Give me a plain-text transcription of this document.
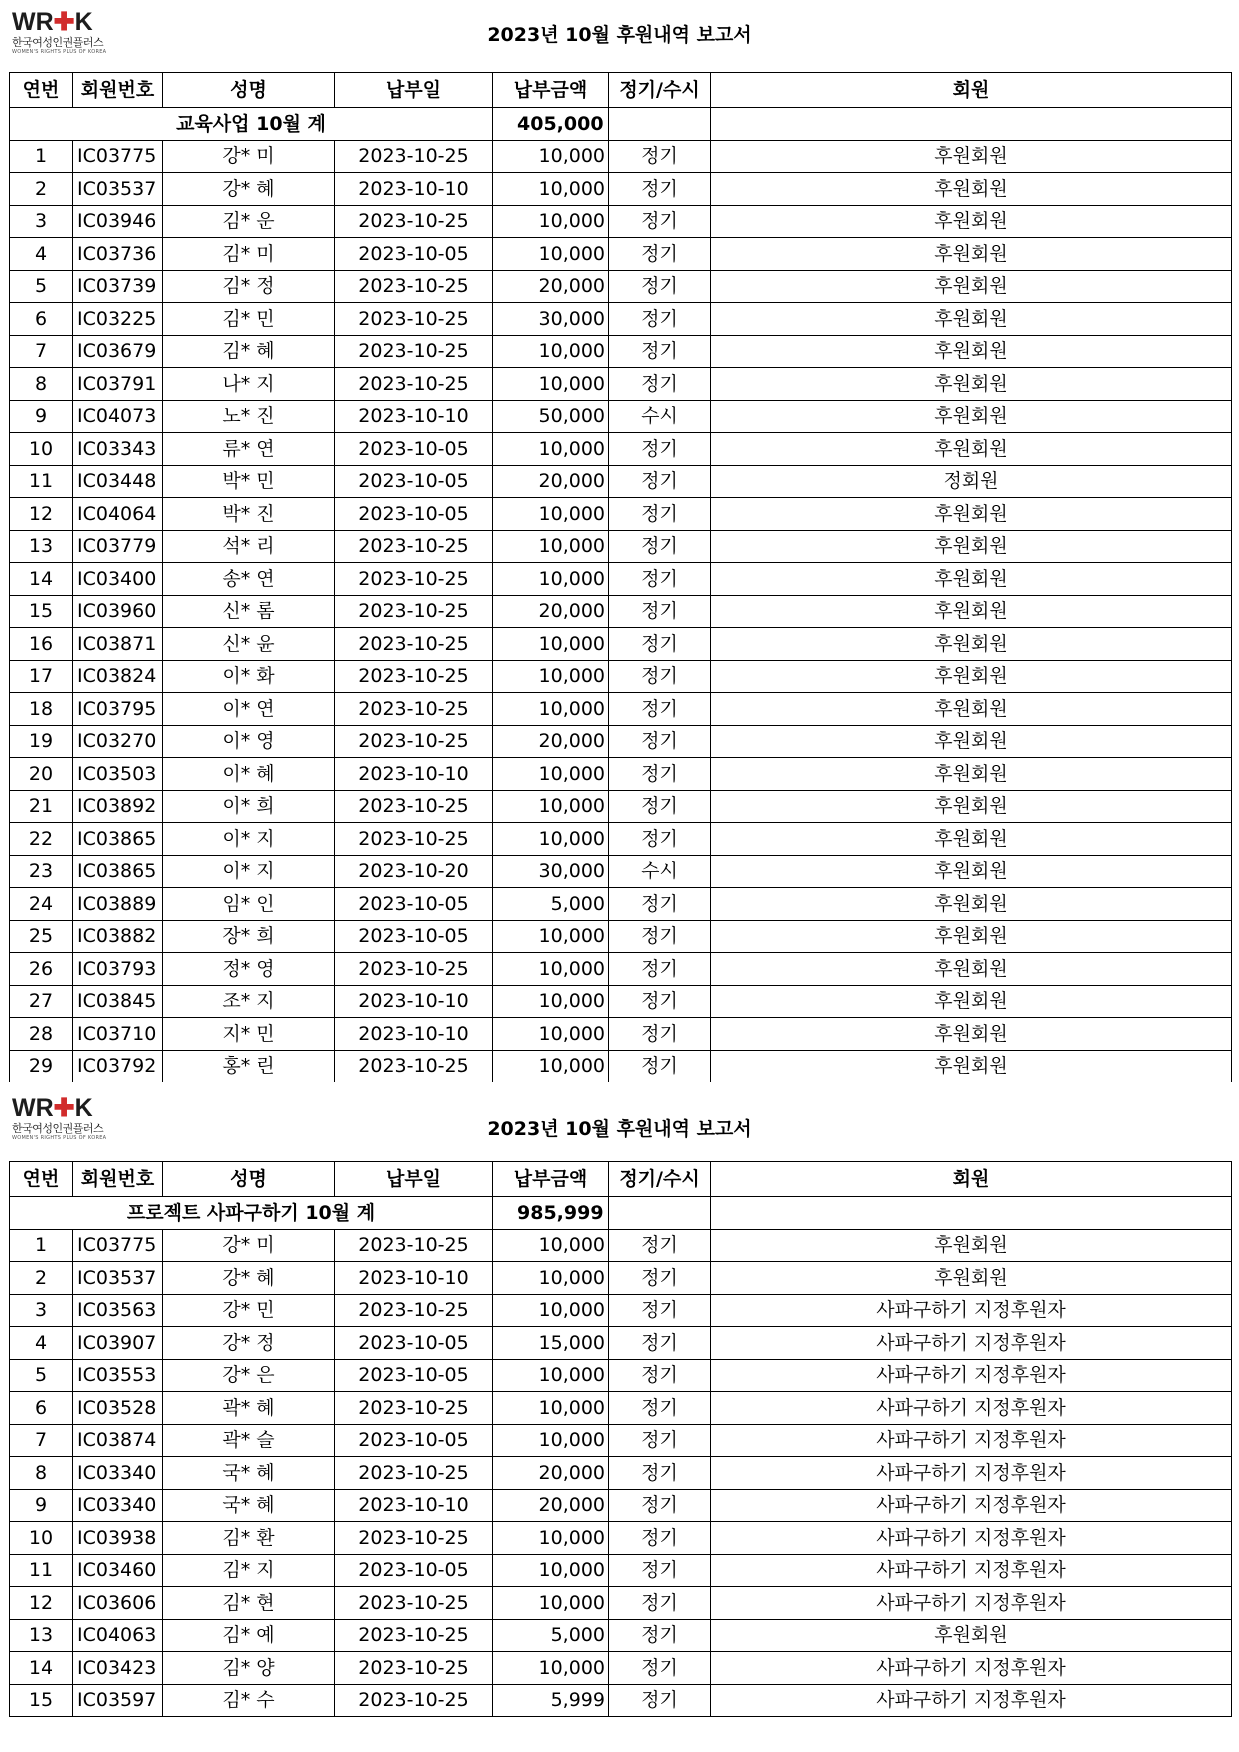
WR✚K
한국여성인권플러스
WOMEN'S RIGHTS PLUS OF KOREA
2023년 10월 후원내역 보고서
연번	회원번호	성명	납부일	납부금액	정기/수시	회원
교육사업 10월 계				405,000		
1	IC03775	강* 미	2023-10-25	10,000	정기	후원회원
2	IC03537	강* 혜	2023-10-10	10,000	정기	후원회원
3	IC03946	김* 운	2023-10-25	10,000	정기	후원회원
4	IC03736	김* 미	2023-10-05	10,000	정기	후원회원
5	IC03739	김* 정	2023-10-25	20,000	정기	후원회원
6	IC03225	김* 민	2023-10-25	30,000	정기	후원회원
7	IC03679	김* 혜	2023-10-25	10,000	정기	후원회원
8	IC03791	나* 지	2023-10-25	10,000	정기	후원회원
9	IC04073	노* 진	2023-10-10	50,000	수시	후원회원
10	IC03343	류* 연	2023-10-05	10,000	정기	후원회원
11	IC03448	박* 민	2023-10-05	20,000	정기	정회원
12	IC04064	박* 진	2023-10-05	10,000	정기	후원회원
13	IC03779	석* 리	2023-10-25	10,000	정기	후원회원
14	IC03400	송* 연	2023-10-25	10,000	정기	후원회원
15	IC03960	신* 롬	2023-10-25	20,000	정기	후원회원
16	IC03871	신* 윤	2023-10-25	10,000	정기	후원회원
17	IC03824	이* 화	2023-10-25	10,000	정기	후원회원
18	IC03795	이* 연	2023-10-25	10,000	정기	후원회원
19	IC03270	이* 영	2023-10-25	20,000	정기	후원회원
20	IC03503	이* 혜	2023-10-10	10,000	정기	후원회원
21	IC03892	이* 희	2023-10-25	10,000	정기	후원회원
22	IC03865	이* 지	2023-10-25	10,000	정기	후원회원
23	IC03865	이* 지	2023-10-20	30,000	수시	후원회원
24	IC03889	임* 인	2023-10-05	5,000	정기	후원회원
25	IC03882	장* 희	2023-10-05	10,000	정기	후원회원
26	IC03793	정* 영	2023-10-25	10,000	정기	후원회원
27	IC03845	조* 지	2023-10-10	10,000	정기	후원회원
28	IC03710	지* 민	2023-10-10	10,000	정기	후원회원
29	IC03792	홍* 린	2023-10-25	10,000	정기	후원회원
WR✚K
한국여성인권플러스
WOMEN'S RIGHTS PLUS OF KOREA	2023년 10월 후원내역 보고서
연번	회원번호	성명	납부일	납부금액	정기/수시	회원
프로젝트 사파구하기 10월 계				985,999		
1	IC03775	강* 미	2023-10-25	10,000	정기	후원회원
2	IC03537	강* 혜	2023-10-10	10,000	정기	후원회원
3	IC03563	강* 민	2023-10-25	10,000	정기	사파구하기 지정후원자
4	IC03907	강* 정	2023-10-05	15,000	정기	사파구하기 지정후원자
5	IC03553	강* 은	2023-10-05	10,000	정기	사파구하기 지정후원자
6	IC03528	곽* 혜	2023-10-25	10,000	정기	사파구하기 지정후원자
7	IC03874	곽* 슬	2023-10-05	10,000	정기	사파구하기 지정후원자
8	IC03340	국* 혜	2023-10-25	20,000	정기	사파구하기 지정후원자
9	IC03340	국* 혜	2023-10-10	20,000	정기	사파구하기 지정후원자
10	IC03938	김* 환	2023-10-25	10,000	정기	사파구하기 지정후원자
11	IC03460	김* 지	2023-10-05	10,000	정기	사파구하기 지정후원자
12	IC03606	김* 현	2023-10-25	10,000	정기	사파구하기 지정후원자
13	IC04063	김* 예	2023-10-25	5,000	정기	후원회원
14	IC03423	김* 양	2023-10-25	10,000	정기	사파구하기 지정후원자
15	IC03597	김* 수	2023-10-25	5,999	정기	사파구하기 지정후원자
